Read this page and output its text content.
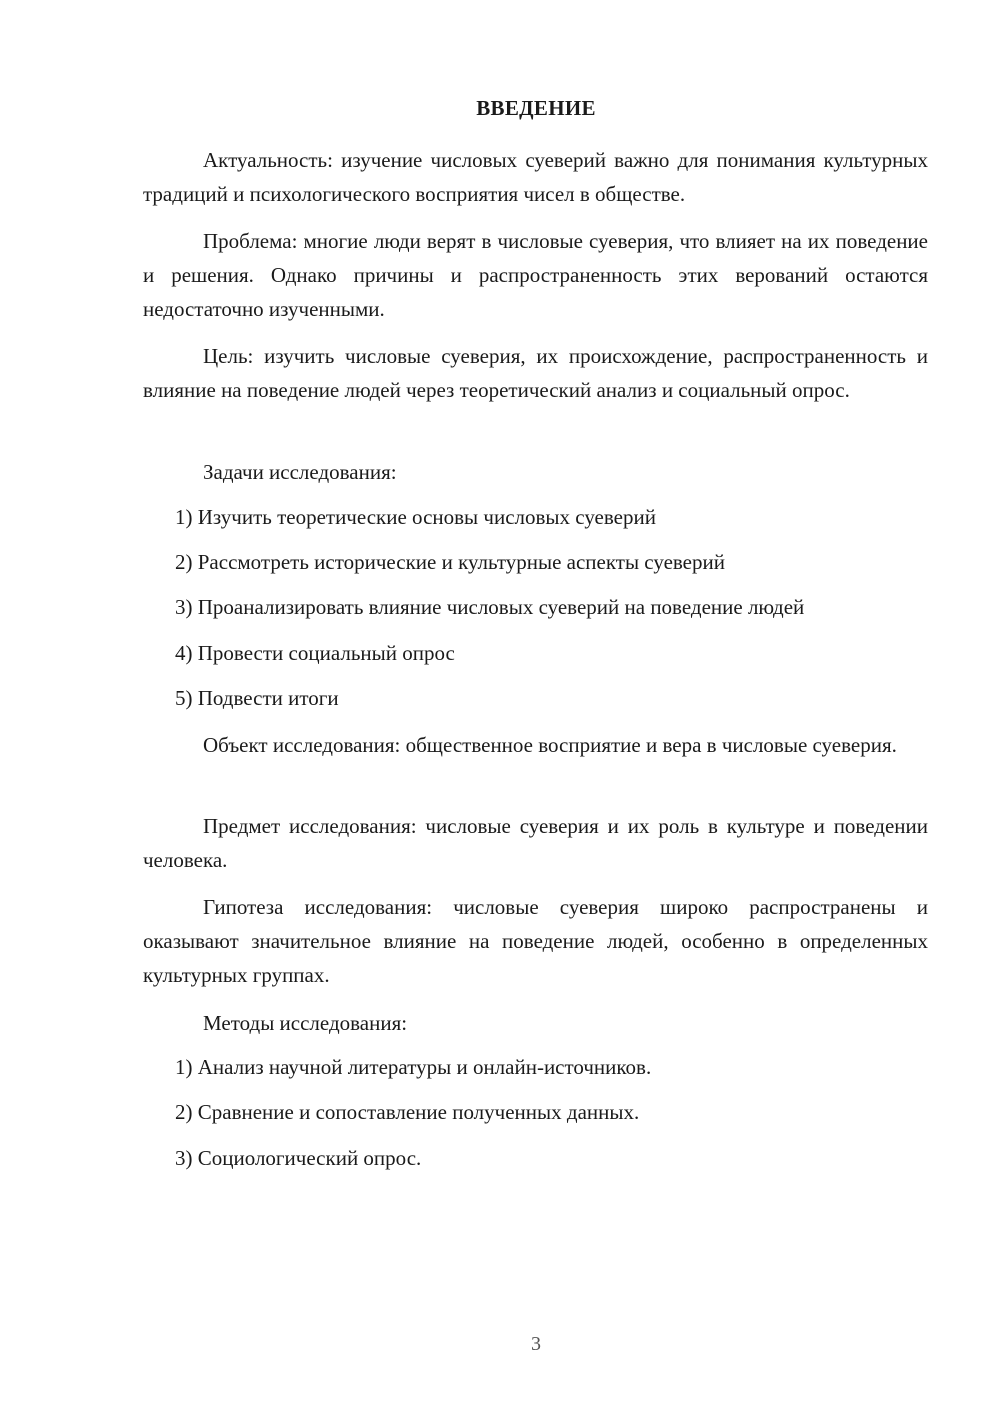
ВВЕДЕНИЕ

Актуальность: изучение числовых суеверий важно для понимания культурных традиций и психологического восприятия чисел в обществе.

Проблема: многие люди верят в числовые суеверия, что влияет на их поведение и решения. Однако причины и распространенность этих верований остаются недостаточно изученными.

Цель: изучить числовые суеверия, их происхождение, распространенность и влияние на поведение людей через теоретический анализ и социальный опрос.

Задачи исследования:

1) Изучить теоретические основы числовых суеверий

2) Рассмотреть исторические и культурные аспекты суеверий

3) Проанализировать влияние числовых суеверий на поведение людей

4) Провести социальный опрос

5) Подвести итоги

Объект исследования: общественное восприятие и вера в числовые суеверия.

Предмет исследования: числовые суеверия и их роль в культуре и поведении человека.

Гипотеза исследования: числовые суеверия широко распространены и оказывают значительное влияние на поведение людей, особенно в определенных культурных группах.

Методы исследования:

1) Анализ научной литературы и онлайн-источников.

2) Сравнение и сопоставление полученных данных.

3) Социологический опрос.

3
